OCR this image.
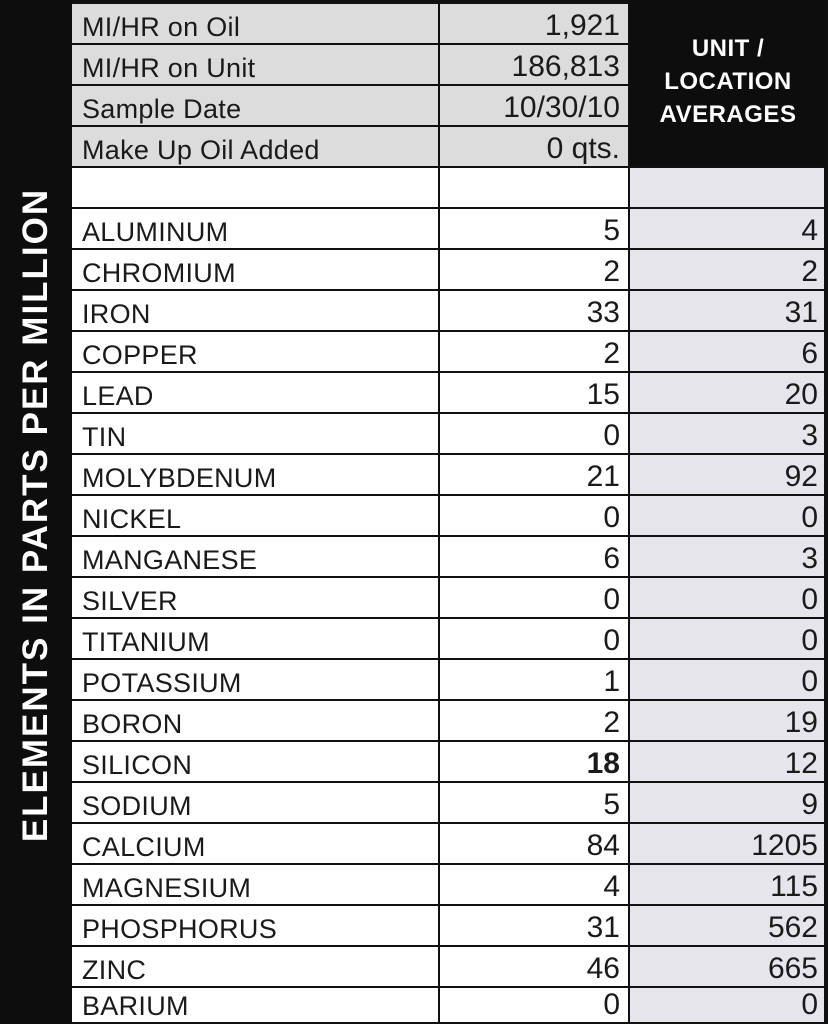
ELEMENTS IN PARTS PER MILLION
MI/HR on Oil	1,921
MI/HR on Unit	186,813
Sample Date	10/30/10
Make Up Oil Added	0 qts.
UNIT /
LOCATION
AVERAGES
ALUMINUM	5	4
CHROMIUM	2	2
IRON	33	31
COPPER	2	6
LEAD	15	20
TIN	0	3
MOLYBDENUM	21	92
NICKEL	0	0
MANGANESE	6	3
SILVER	0	0
TITANIUM	0	0
POTASSIUM	1	0
BORON	2	19
SILICON	18	12
SODIUM	5	9
CALCIUM	84	1205
MAGNESIUM	4	115
PHOSPHORUS	31	562
ZINC	46	665
BARIUM	0	0
